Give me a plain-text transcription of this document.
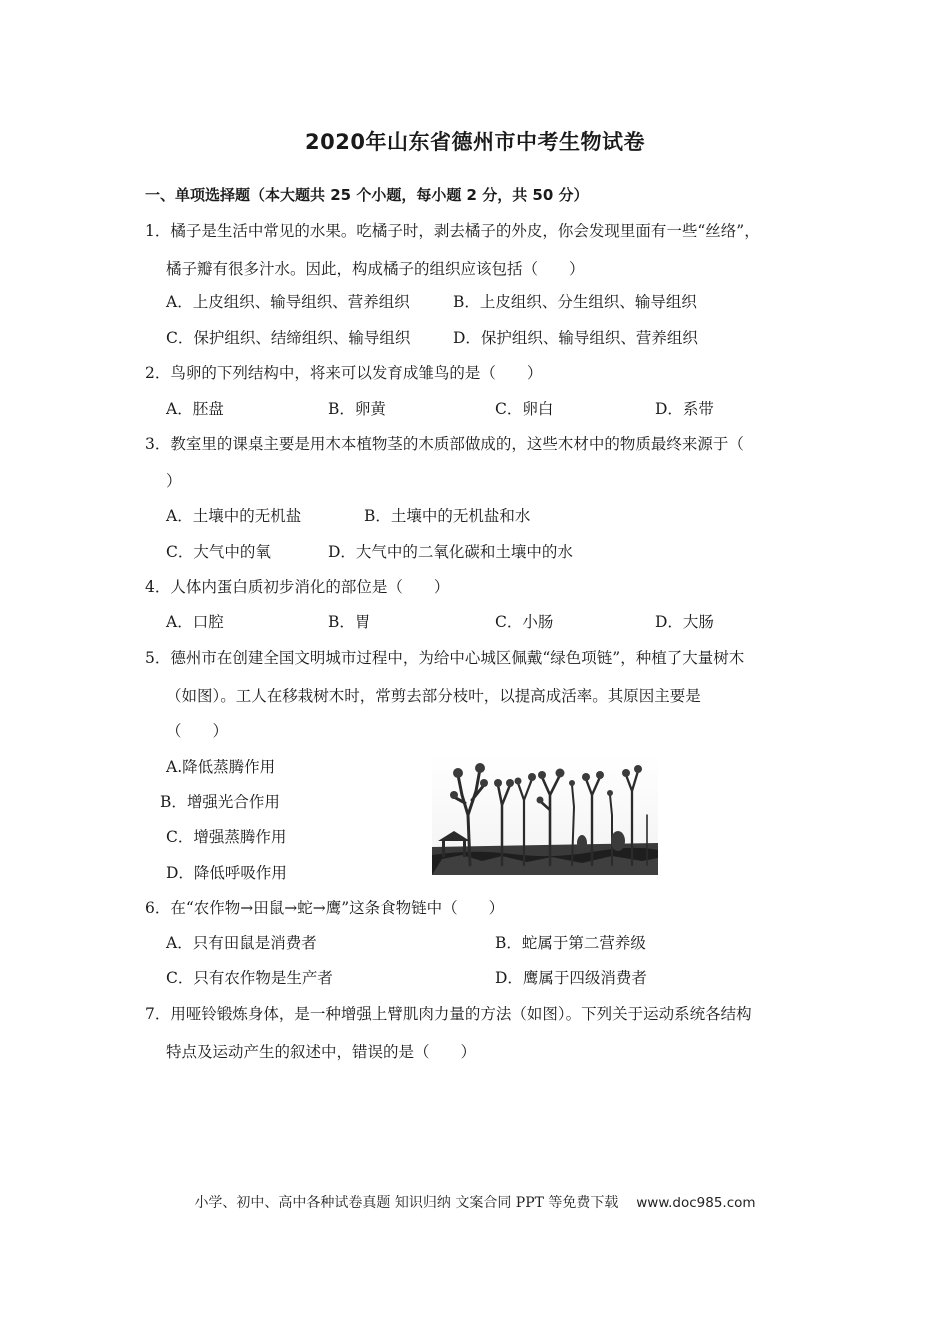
2020年山东省德州市中考生物试卷
一、单项选择题（本大题共 25 个小题，每小题 2 分，共 50 分）
1．橘子是生活中常见的水果。吃橘子时，剥去橘子的外皮，你会发现里面有一些“丝络”，
橘子瓣有很多汁水。因此，构成橘子的组织应该包括（　　）
A．上皮组织、输导组织、营养组织	B．上皮组织、分生组织、输导组织
C．保护组织、结缔组织、输导组织	D．保护组织、输导组织、营养组织
2．鸟卵的下列结构中，将来可以发育成雏鸟的是（　　）
A．胚盘	B．卵黄	C．卵白	D．系带
3．教室里的课桌主要是用木本植物茎的木质部做成的，这些木材中的物质最终来源于（
）
A．土壤中的无机盐	B．土壤中的无机盐和水
C．大气中的氧	D．大气中的二氧化碳和土壤中的水
4．人体内蛋白质初步消化的部位是（　　）
A．口腔	B．胃	C．小肠	D．大肠
5．德州市在创建全国文明城市过程中，为给中心城区佩戴“绿色项链”，种植了大量树木
（如图）。工人在移栽树木时，常剪去部分枝叶，以提高成活率。其原因主要是
（　　）
A.降低蒸腾作用
B．增强光合作用
C．增强蒸腾作用
D．降低呼吸作用
6．在“农作物→田鼠→蛇→鹰”这条食物链中（　　）
A．只有田鼠是消费者	B．蛇属于第二营养级
C．只有农作物是生产者	D．鹰属于四级消费者
7．用哑铃锻炼身体，是一种增强上臂肌肉力量的方法（如图）。下列关于运动系统各结构
特点及运动产生的叙述中，错误的是（　　）
小学、初中、高中各种试卷真题 知识归纳 文案合同 PPT 等免费下载 www.doc985.com
